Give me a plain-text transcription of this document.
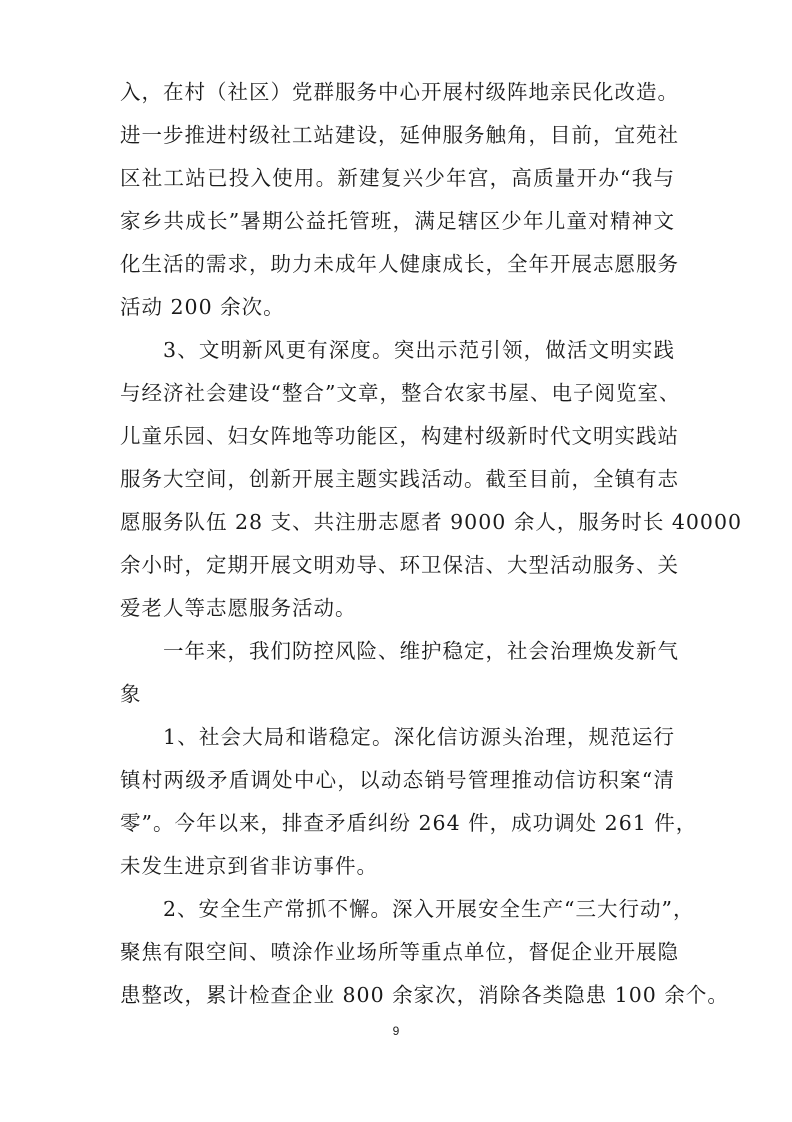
入，在村（社区）党群服务中心开展村级阵地亲民化改造。
进一步推进村级社工站建设，延伸服务触角，目前，宜苑社
区社工站已投入使用。新建复兴少年宫，高质量开办“我与
家乡共成长”暑期公益托管班，满足辖区少年儿童对精神文
化生活的需求，助力未成年人健康成长，全年开展志愿服务
活动 200 余次。
3、文明新风更有深度。突出示范引领，做活文明实践
与经济社会建设“整合”文章，整合农家书屋、电子阅览室、
儿童乐园、妇女阵地等功能区，构建村级新时代文明实践站
服务大空间，创新开展主题实践活动。截至目前，全镇有志
愿服务队伍 28 支、共注册志愿者 9000 余人，服务时长 40000
余小时，定期开展文明劝导、环卫保洁、大型活动服务、关
爱老人等志愿服务活动。
一年来，我们防控风险、维护稳定，社会治理焕发新气
象
1、社会大局和谐稳定。深化信访源头治理，规范运行
镇村两级矛盾调处中心，以动态销号管理推动信访积案“清
零”。今年以来，排查矛盾纠纷 264 件，成功调处 261 件，
未发生进京到省非访事件。
2、安全生产常抓不懈。深入开展安全生产“三大行动”，
聚焦有限空间、喷涂作业场所等重点单位，督促企业开展隐
9
患整改，累计检查企业 800 余家次，消除各类隐患 100 余个。
